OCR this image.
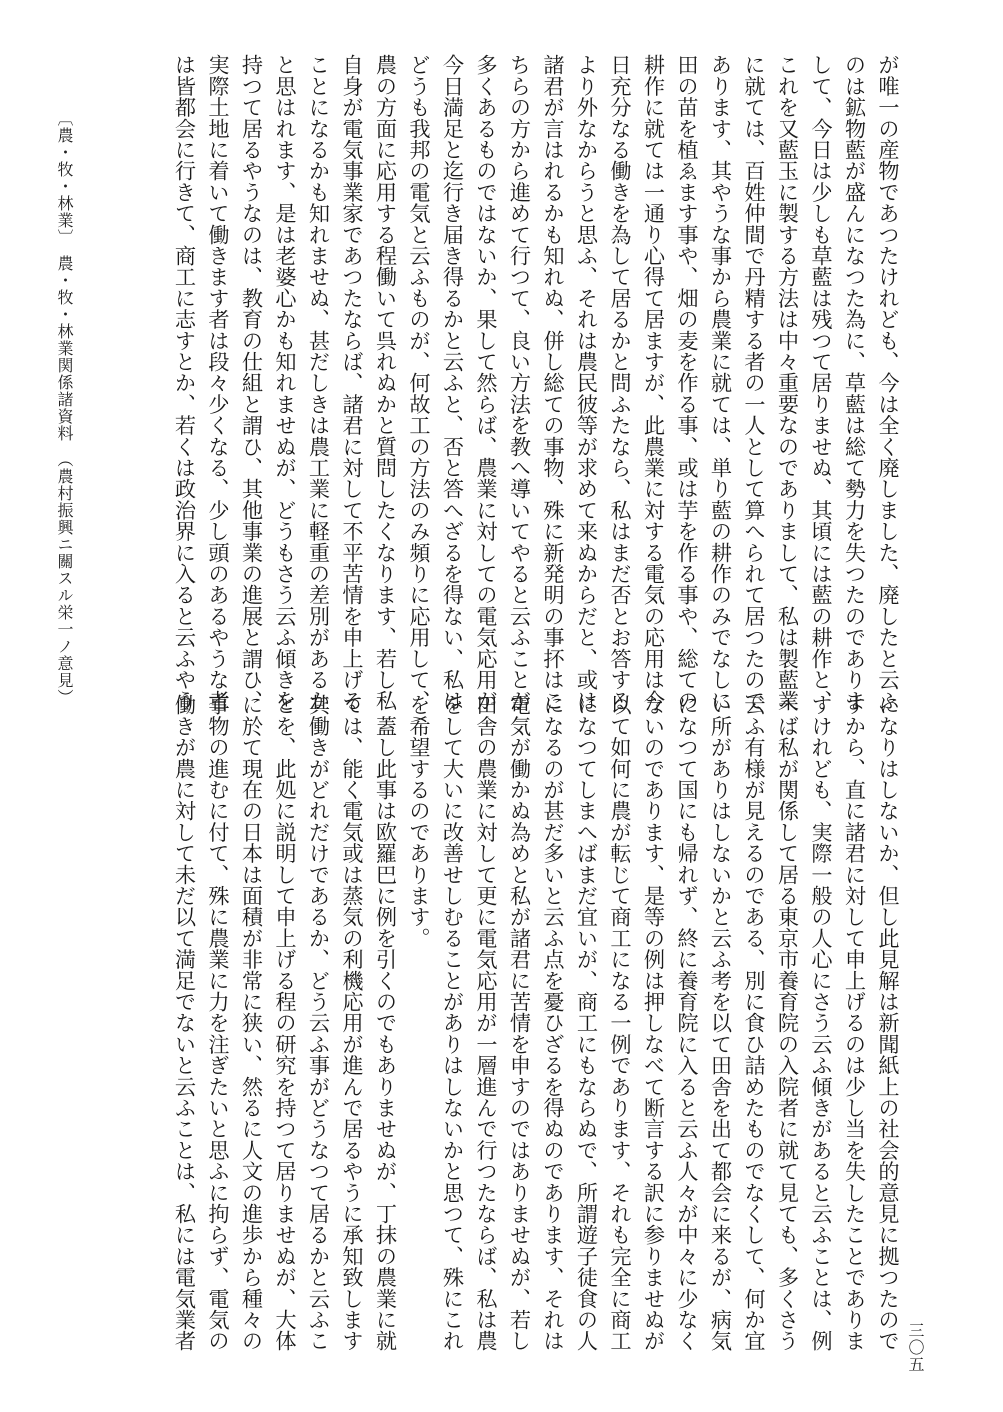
が唯一の産物であつたけれども、今は全く廃しました、廃したと云ふ
のは鉱物藍が盛んになつた為に、草藍は総て勢力を失つたのでありま
して、今日は少しも草藍は残つて居りませぬ、其頃には藍の耕作と、
これを又藍玉に製する方法は中々重要なのでありまして、私は製藍業
に就ては、百姓仲間で丹精する者の一人として算へられて居つたので
あります、其やうな事から農業に就ては、単り藍の耕作のみでなしに
田の苗を植ゑます事や、畑の麦を作る事、或は芋を作る事や、総ての
耕作に就ては一通り心得て居ますが、此農業に対する電気の応用は今
日充分なる働きを為して居るかと問ふたなら、私はまだ否とお答する
より外なからうと思ふ、それは農民彼等が求めて来ぬからだと、或は
諸君が言はれるかも知れぬ、併し総ての事物、殊に新発明の事抔はこ
ちらの方から進めて行つて、良い方法を教へ導いてやると云ふことが
多くあるものではないか、果して然らば、農業に対しての電気応用が
今日満足と迄行き届き得るかと云ふと、否と答へざるを得ない、私は
どうも我邦の電気と云ふものが、何故工の方法のみ頻りに応用して、
農の方面に応用する程働いて呉れぬかと質問したくなります、若し私
自身が電気事業家であつたならば、諸君に対して不平苦情を申上げる
ことになるかも知れませぬ、甚だしきは農工業に軽重の差別があるか
と思はれます、是は老婆心かも知れませぬが、どうもさう云ふ傾きを
持つて居るやうなのは、教育の仕組と謂ひ、其他事業の進展と謂ひ、
実際土地に着いて働きます者は段々少くなる、少し頭のあるやうな者
は皆都会に行きて、商工に志すとか、若くは政治界に入ると云ふやう
になりはしないか、但し此見解は新聞紙上の社会的意見に拠つたので
すから、直に諸君に対して申上げるのは少し当を失したことでありま
すけれども、実際一般の人心にさう云ふ傾きがあると云ふことは、例
へば私が関係して居る東京市養育院の入院者に就て見ても、多くさう
云ふ有様が見えるのである、別に食ひ詰めたものでなくして、何か宜
い所がありはしないかと云ふ考を以て田舎を出て都会に来るが、病気
になつて国にも帰れず、終に養育院に入ると云ふ人々が中々に少なく
ないのであります、是等の例は押しなべて断言する訳に参りませぬが
以て如何に農が転じて商工になる一例であります、それも完全に商工
になつてしまへばまだ宜いが、商工にもならぬで、所謂遊子徒食の人
になるのが甚だ多いと云ふ点を憂ひざるを得ぬのであります、それは
電気が働かぬ為めと私が諸君に苦情を申すのではありませぬが、若し
田舎の農業に対して更に電気応用が一層進んで行つたならば、私は農
をして大いに改善せしむることがありはしないかと思つて、殊にこれ
を希望するのであります。
　蓋し此事は欧羅巴に例を引くのでもありませぬが、丁抹の農業に就
ては、能く電気或は蒸気の利機応用が進んで居るやうに承知致します
其働きがどれだけであるか、どう云ふ事がどうなつて居るかと云ふこ
とを、此処に説明して申上げる程の研究を持つて居りませぬが、大体
に於て現在の日本は面積が非常に狭い、然るに人文の進歩から種々の
事物の進むに付て、殊に農業に力を注ぎたいと思ふに拘らず、電気の
働きが農に対して未だ以て満足でないと云ふことは、私には電気業者
〔農・牧・林業〕　農・牧・林業関係諸資料　（農村振興ニ關スル栄一ノ意見）
三〇五
